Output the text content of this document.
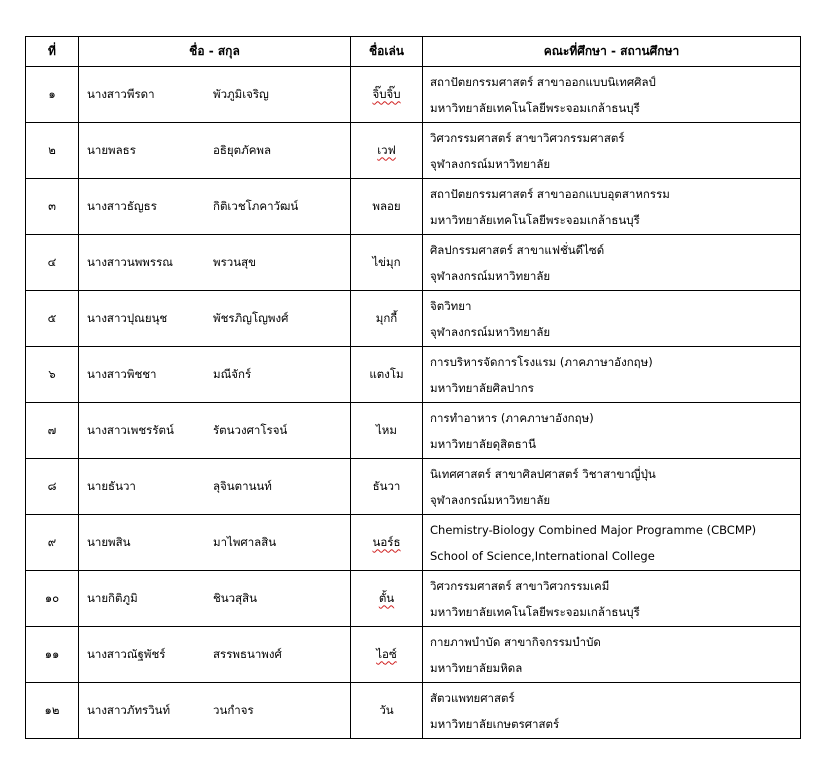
ที่	ชื่อ - สกุล	ชื่อเล่น	คณะที่ศึกษา - สถานศึกษา
๑	นางสาวพีรดา พัวภูมิเจริญ	จิ๊บจิ๊บ	สถาปัตยกรรมศาสตร์ สาขาออกแบบนิเทศศิลป์
มหาวิทยาลัยเทคโนโลยีพระจอมเกล้าธนบุรี

๒	นายพลธร อธิยุตภัคพล	เวฟ	วิศวกรรมศาสตร์ สาขาวิศวกรรมศาสตร์
จุฬาลงกรณ์มหาวิทยาลัย

๓	นางสาวธัญธร กิติเวชโภคาวัฒน์	พลอย	สถาปัตยกรรมศาสตร์ สาขาออกแบบอุตสาหกรรม
มหาวิทยาลัยเทคโนโลยีพระจอมเกล้าธนบุรี

๔	นางสาวนพพรรณ พรวนสุข	ไข่มุก	ศิลปกรรมศาสตร์ สาขาแฟชั่นดีไซด์
จุฬาลงกรณ์มหาวิทยาลัย

๕	นางสาวปุณยนุช พัชรภิญโญพงศ์	มุกกี้	จิตวิทยา
จุฬาลงกรณ์มหาวิทยาลัย

๖	นางสาวพิชชา มณีจักร์	แตงโม	การบริหารจัดการโรงแรม (ภาคภาษาอังกฤษ)
มหาวิทยาลัยศิลปากร

๗	นางสาวเพชรรัตน์ รัตนวงศาโรจน์	ไหม	การทำอาหาร (ภาคภาษาอังกฤษ)
มหาวิทยาลัยดุสิตธานี

๘	นายธันวา ลุจินตานนท์	ธันวา	นิเทศศาสตร์ สาขาศิลปศาสตร์ วิชาสาขาญี่ปุ่น
จุฬาลงกรณ์มหาวิทยาลัย

๙	นายพสิน มาไพศาลสิน	นอร์ธ	Chemistry-Biology Combined Major Programme (CBCMP)
School of Science,International College

๑๐	นายกิติภูมิ ชินวสุสิน	ตั้น	วิศวกรรมศาสตร์ สาขาวิศวกรรมเคมี
มหาวิทยาลัยเทคโนโลยีพระจอมเกล้าธนบุรี

๑๑	นางสาวณัฐพัชร์ สรรพธนาพงศ์	ไอซ์	กายภาพบำบัด สาขากิจกรรมบำบัด
มหาวิทยาลัยมหิดล

๑๒	นางสาวภัทรวินท์ วนกำจร	วัน	สัตวแพทยศาสตร์
มหาวิทยาลัยเกษตรศาสตร์
